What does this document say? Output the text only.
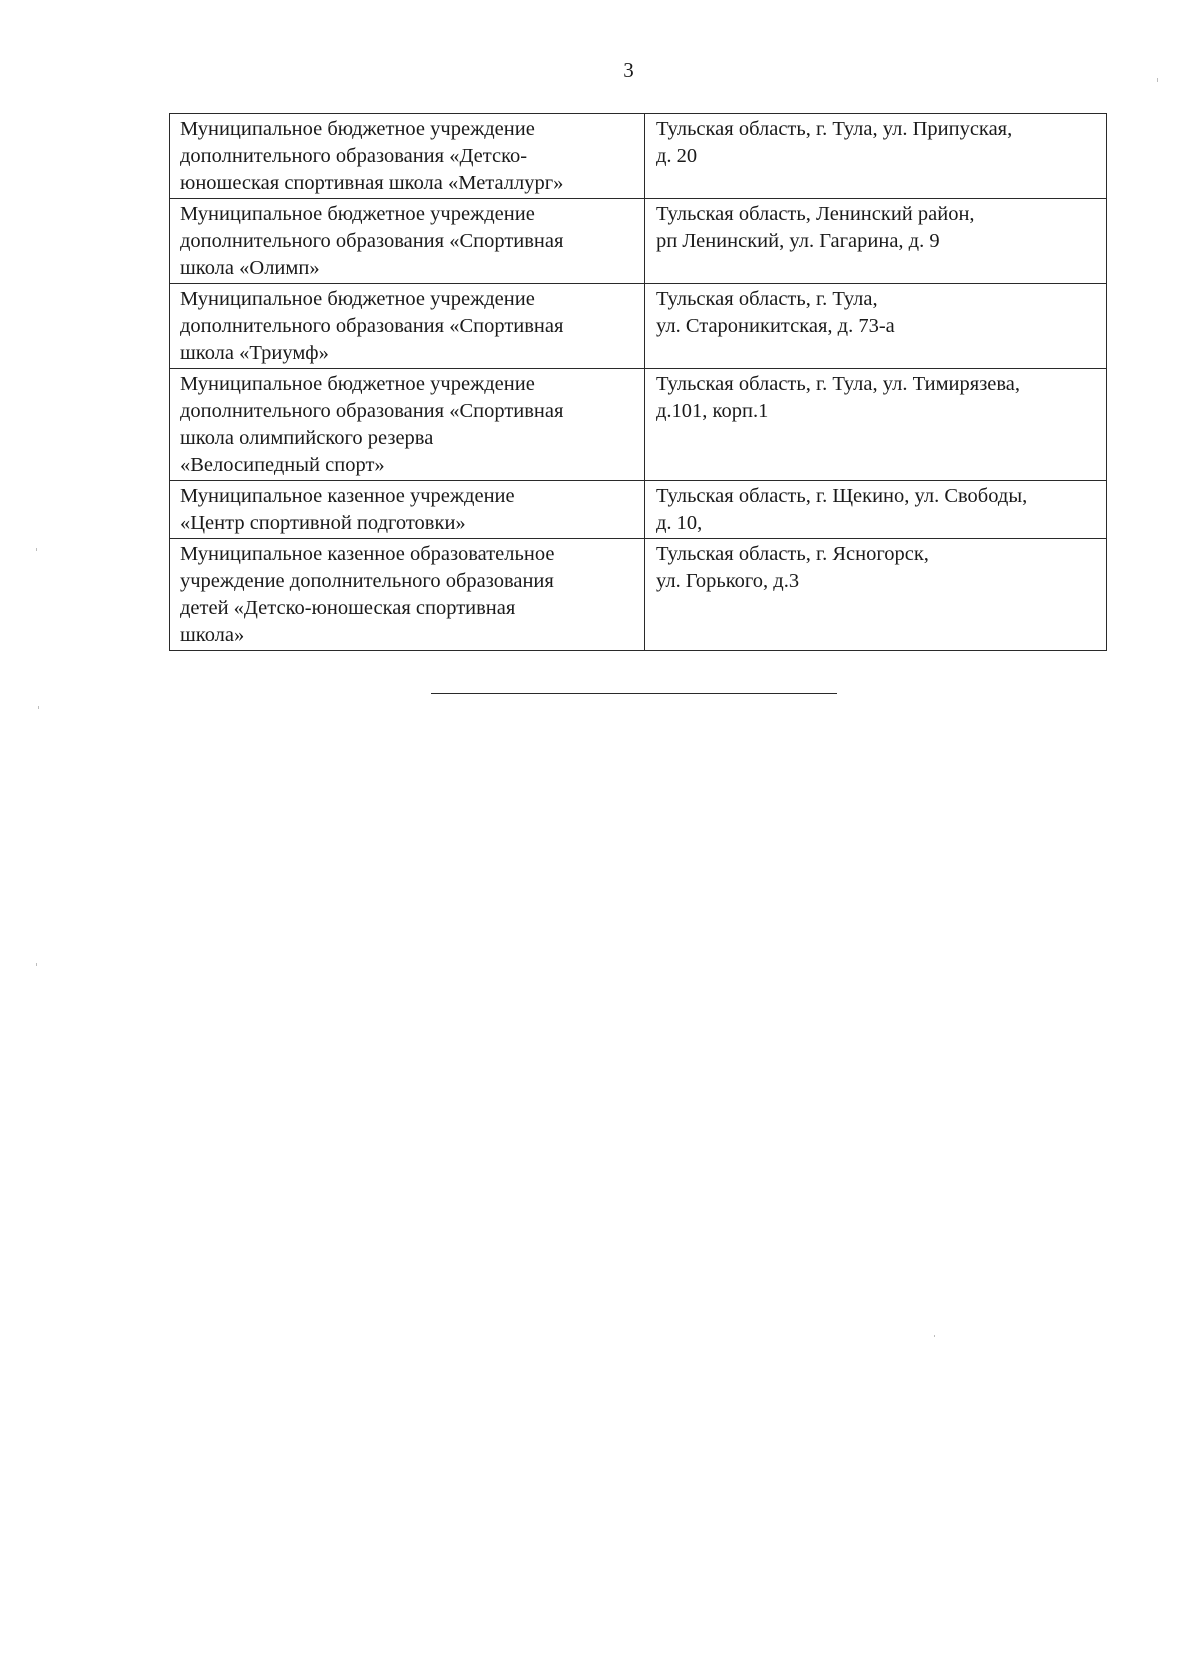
3
Муниципальное бюджетное учреждение
дополнительного образования «Детско-
юношеская спортивная школа «Металлург»	Тульская область, г. Тула, ул. Припуская,
д. 20

Муниципальное бюджетное учреждение
дополнительного образования «Спортивная
школа «Олимп»	Тульская область, Ленинский район,
рп Ленинский, ул. Гагарина, д. 9

Муниципальное бюджетное учреждение
дополнительного образования «Спортивная
школа «Триумф»	Тульская область, г. Тула,
ул. Староникитская, д. 73-а

Муниципальное бюджетное учреждение
дополнительного образования «Спортивная
школа олимпийского резерва
«Велосипедный спорт»	Тульская область, г. Тула, ул. Тимирязева,
д.101, корп.1

Муниципальное казенное учреждение
«Центр спортивной подготовки»	Тульская область, г. Щекино, ул. Свободы,
д. 10,

Муниципальное казенное образовательное
учреждение дополнительного образования
детей «Детско-юношеская спортивная
школа»	Тульская область, г. Ясногорск,
ул. Горького, д.3
